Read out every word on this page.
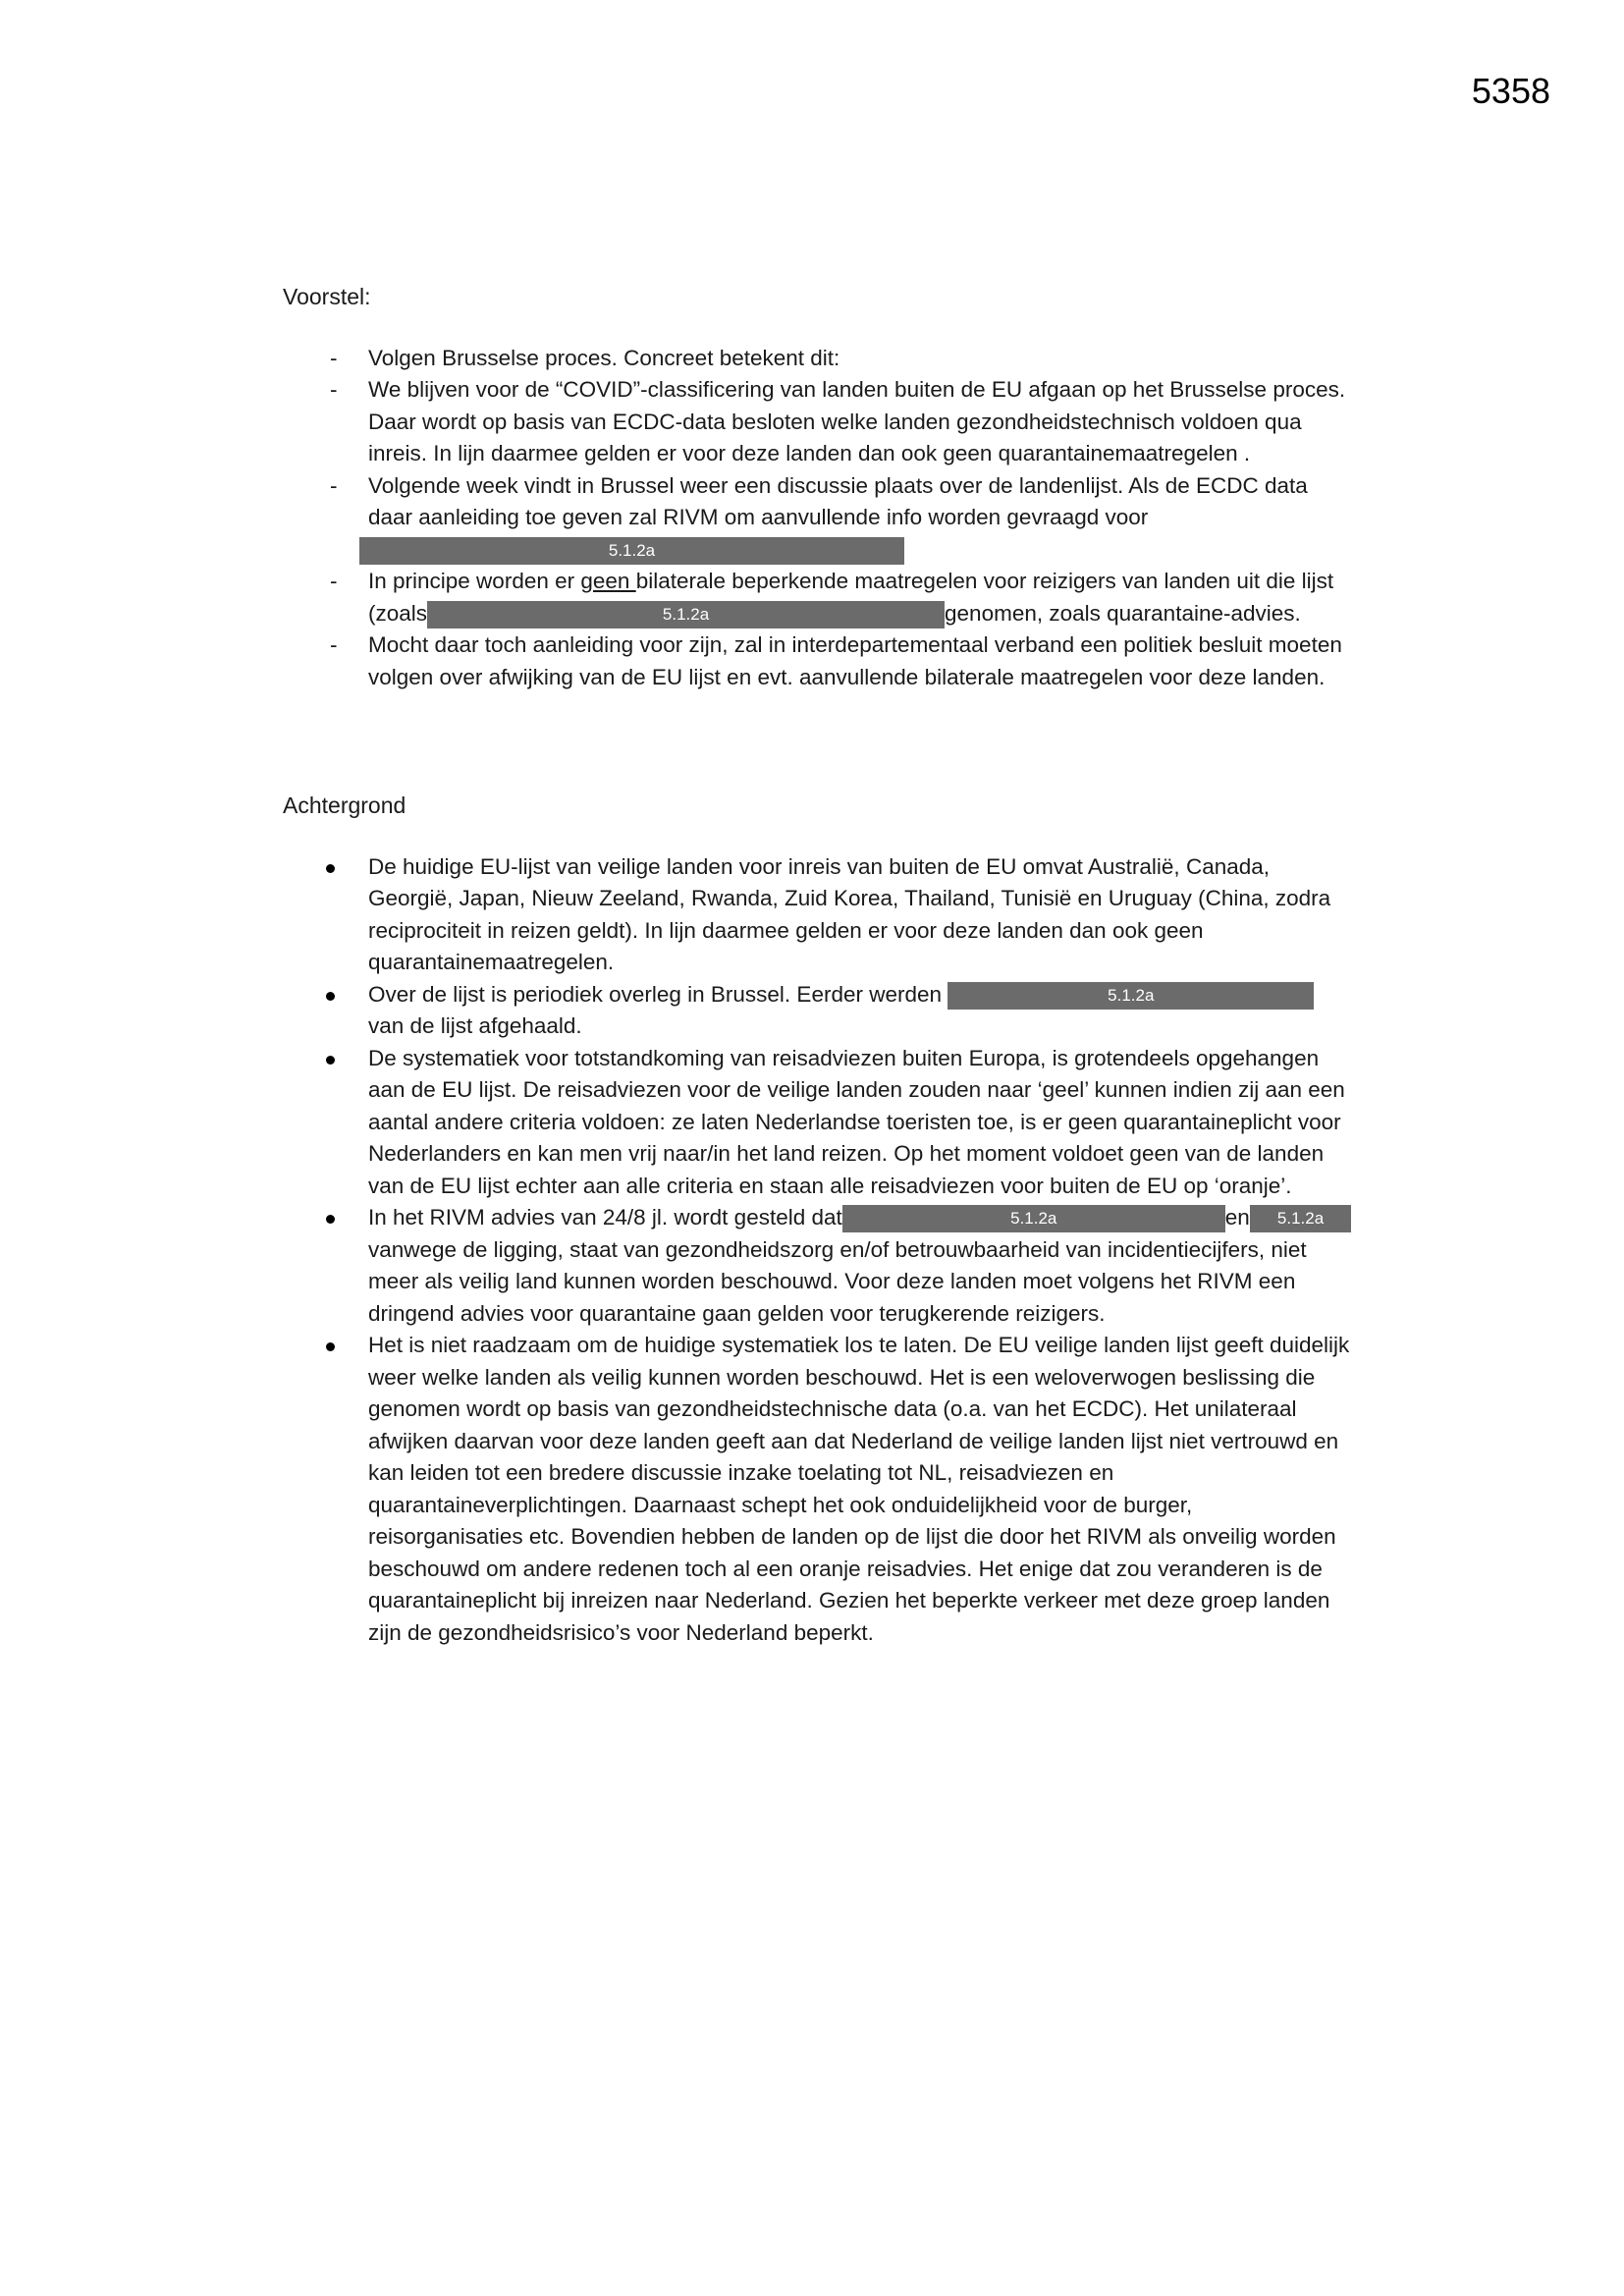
5358

Voorstel:

- Volgen Brusselse proces. Concreet betekent dit:
- We blijven voor de “COVID”-classificering van landen buiten de EU afgaan op het Brusselse proces. Daar wordt op basis van ECDC-data besloten welke landen gezondheidstechnisch voldoen qua inreis. In lijn daarmee gelden er voor deze landen dan ook geen quarantainemaatregelen .
- Volgende week vindt in Brussel weer een discussie plaats over de landenlijst. Als de ECDC data daar aanleiding toe geven zal RIVM om aanvullende info worden gevraagd voor 5.1.2a
- In principe worden er geen bilaterale beperkende maatregelen voor reizigers van landen uit die lijst (zoals	5.1.2a	genomen, zoals quarantaine-advies.
- Mocht daar toch aanleiding voor zijn, zal in interdepartementaal verband een politiek besluit moeten volgen over afwijking van de EU lijst en evt. aanvullende bilaterale maatregelen voor deze landen.

Achtergrond

De huidige EU-lijst van veilige landen voor inreis van buiten de EU omvat Australië, Canada, Georgië, Japan, Nieuw Zeeland, Rwanda, Zuid Korea, Thailand, Tunisië en Uruguay (China, zodra reciprociteit in reizen geldt). In lijn daarmee gelden er voor deze landen dan ook geen quarantainemaatregelen.
Over de lijst is periodiek overleg in Brussel. Eerder werden	5.1.2a van de lijst afgehaald.
De systematiek voor totstandkoming van reisadviezen buiten Europa, is grotendeels opgehangen aan de EU lijst. De reisadviezen voor de veilige landen zouden naar ‘geel’ kunnen indien zij aan een aantal andere criteria voldoen: ze laten Nederlandse toeristen toe, is er geen quarantaineplicht voor Nederlanders en kan men vrij naar/in het land reizen. Op het moment voldoet geen van de landen van de EU lijst echter aan alle criteria en staan alle reisadviezen voor buiten de EU op ‘oranje’.
In het RIVM advies van 24/8 jl. wordt gesteld dat	5.1.2a	en 5.1.2avanwege de ligging, staat van gezondheidszorg en/of betrouwbaarheid van incidentiecijfers, niet meer als veilig land kunnen worden beschouwd. Voor deze landen moet volgens het RIVM een dringend advies voor quarantaine gaan gelden voor terugkerende reizigers.
Het is niet raadzaam om de huidige systematiek los te laten. De EU veilige landen lijst geeft duidelijk weer welke landen als veilig kunnen worden beschouwd. Het is een weloverwogen beslissing die genomen wordt op basis van gezondheidstechnische data (o.a. van het ECDC). Het unilateraal afwijken daarvan voor deze landen geeft aan dat Nederland de veilige landen lijst niet vertrouwd en kan leiden tot een bredere discussie inzake toelating tot NL, reisadviezen en quarantaineverplichtingen. Daarnaast schept het ook onduidelijkheid voor de burger, reisorganisaties etc. Bovendien hebben de landen op de lijst die door het RIVM als onveilig worden beschouwd om andere redenen toch al een oranje reisadvies. Het enige dat zou veranderen is de quarantaineplicht bij inreizen naar Nederland. Gezien het beperkte verkeer met deze groep landen zijn de gezondheidsrisico’s voor Nederland beperkt.
